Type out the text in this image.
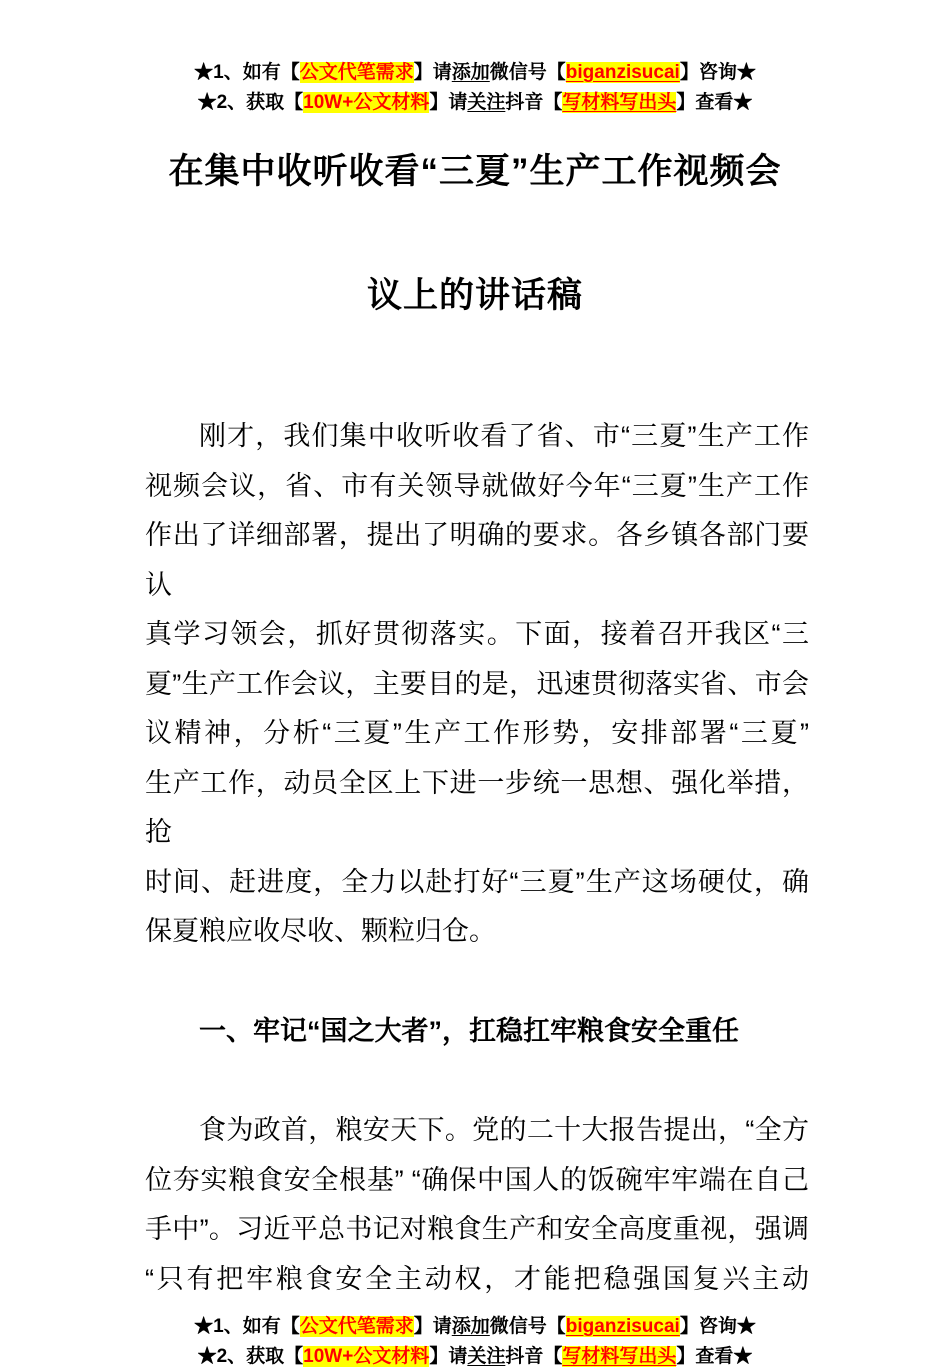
★1、如有【公文代笔需求】请添加微信号【biganzisucai】咨询★
★2、获取【10W+公文材料】请关注抖音【写材料写出头】查看★
在集中收听收看“三夏”生产工作视频会
议上的讲话稿

刚才，我们集中收听收看了省、市“三夏”生产工作
视频会议，省、市有关领导就做好今年“三夏”生产工作
作出了详细部署，提出了明确的要求。各乡镇各部门要认
真学习领会，抓好贯彻落实。下面，接着召开我区“三
夏”生产工作会议，主要目的是，迅速贯彻落实省、市会
议精神，分析“三夏”生产工作形势，安排部署“三夏”
生产工作，动员全区上下进一步统一思想、强化举措，抢
时间、赶进度，全力以赴打好“三夏”生产这场硬仗，确
保夏粮应收尽收、颗粒归仓。

一、牢记“国之大者”，扛稳扛牢粮食安全重任

食为政首，粮安天下。党的二十大报告提出，“全方
位夯实粮食安全根基” “确保中国人的饭碗牢牢端在自己
手中”。习近平总书记对粮食生产和安全高度重视，强调
“只有把牢粮食安全主动权，才能把稳强国复兴主动

★1、如有【公文代笔需求】请添加微信号【biganzisucai】咨询★
★2、获取【10W+公文材料】请关注抖音【写材料写出头】查看★
